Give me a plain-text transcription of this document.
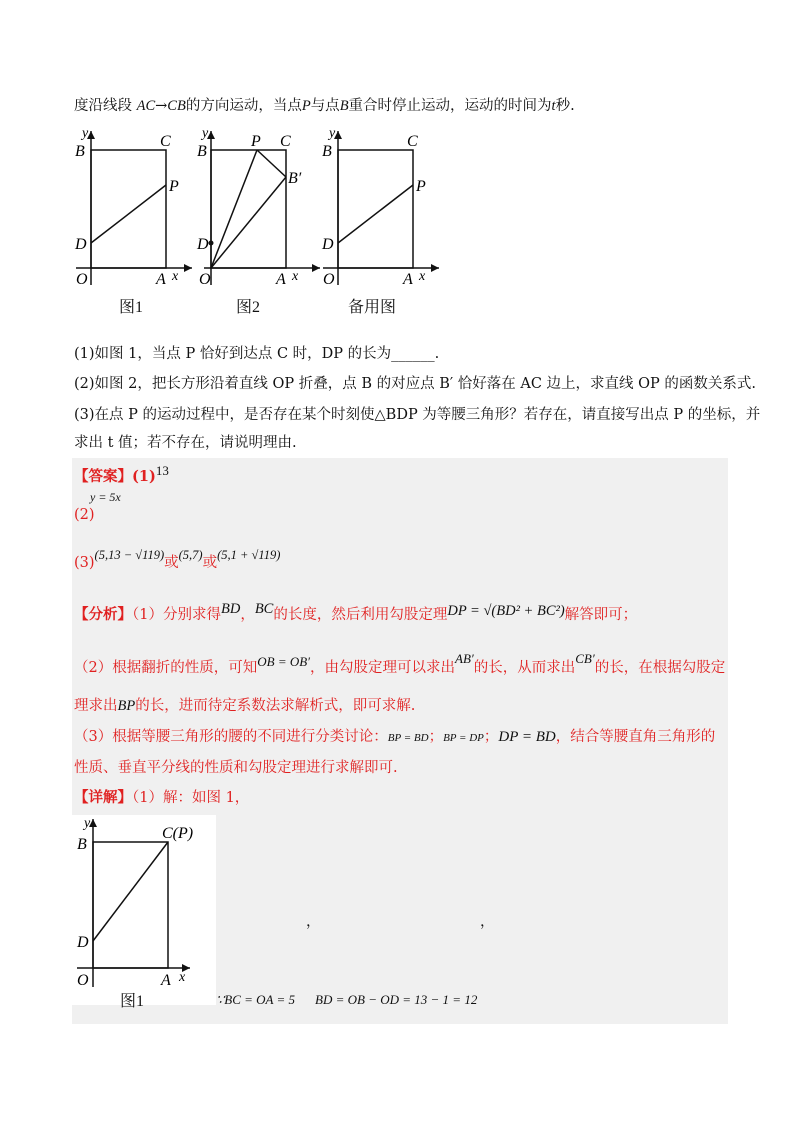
度沿线段 AC→CB的方向运动，当点P与点B重合时停止运动，运动的时间为t秒.
y
x
O	A
B
C
D
P
图1
y
x
O	A
B
P C
B′
D
图2
y
x
O	A
B
C
D
P
备用图
(1)如图 1，当点 P 恰好到达点 C 时，DP 的长为______.
(2)如图 2，把长方形沿着直线 OP 折叠，点 B 的对应点 B′ 恰好落在 AC 边上，求直线 OP 的函数关系式.
(3)在点 P 的运动过程中，是否存在某个时刻使△BDP 为等腰三角形？若存在，请直接写出点 P 的坐标，并
求出 t 值；若不存在，请说明理由.
【答案】(1)13
y = 5x
(2)
(3)(5,13 − √119)或(5,7)或(5,1 + √119)
【分析】（1）分别求得BD，BC的长度，然后利用勾股定理DP = √(BD² + BC²)解答即可；
（2）根据翻折的性质，可知OB = OB′，由勾股定理可以求出AB′的长，从而求出CB′的长，在根据勾股定
理求出BP的长，进而待定系数法求解析式，即可求解.
（3）根据等腰三角形的腰的不同进行分类讨论：BP = BD；BP = DP；DP = BD，结合等腰直角三角形的
性质、垂直平分线的性质和勾股定理进行求解即可.
【详解】（1）解：如图 1，
y
x
O	A
B
C(P)
D
图1
，	，
∵BC = OA = 5 BD = OB − OD = 13 − 1 = 12
